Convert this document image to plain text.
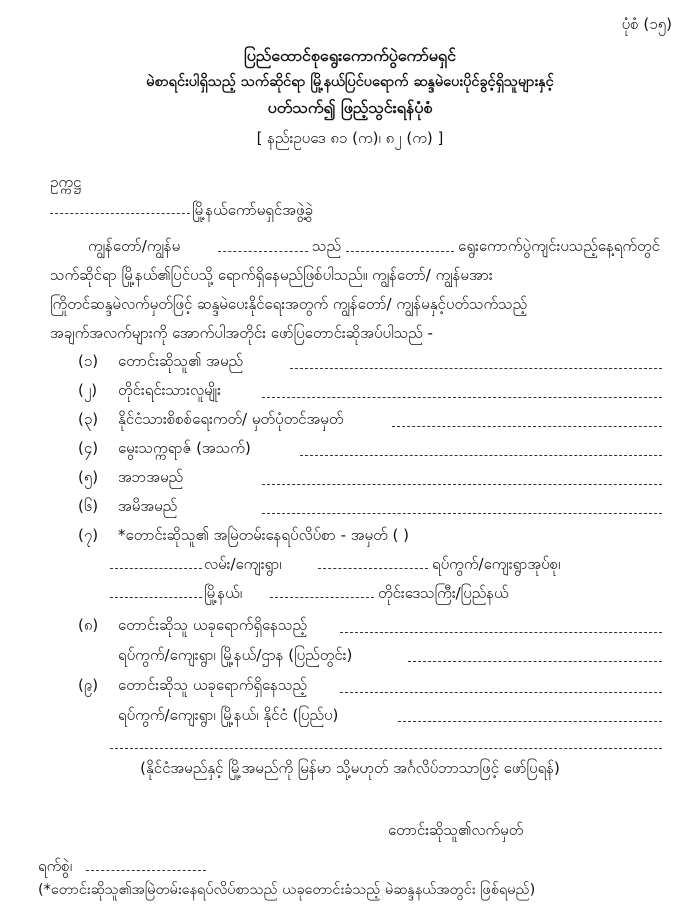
ပုံစံ (၁၅)
ပြည်ထောင်စုရွေးကောက်ပွဲကော်မရှင်
မဲစာရင်းပါရှိသည့် သက်ဆိုင်ရာ မြို့နယ်ပြင်ပရောက် ဆန္ဒမဲပေးပိုင်ခွင့်ရှိသူများနှင့်
ပတ်သက်၍ ဖြည့်သွင်းရန်ပုံစံ
[ နည်းဥပဒေ ၈၁ (က)၊ ၈၂ (က) ]
ဥက္ကဋ္ဌ
မြို့နယ်ကော်မရှင်အဖွဲ့ခွဲ
ကျွန်တော်/ကျွန်မ	သည်	ရွေးကောက်ပွဲကျင်းပသည့်နေ့ရက်တွင်
သက်ဆိုင်ရာ မြို့နယ်၏ပြင်ပသို့ ရောက်ရှိနေမည်ဖြစ်ပါသည်။ ကျွန်တော်/ ကျွန်မအား
ကြိုတင်ဆန္ဒမဲလက်မှတ်ဖြင့် ဆန္ဒမဲပေးနိုင်ရေးအတွက် ကျွန်တော်/ ကျွန်မနှင့်ပတ်သက်သည့်
အချက်အလက်များကို အောက်ပါအတိုင်း ဖော်ပြတောင်းဆိုအပ်ပါသည် -
(၁) တောင်းဆိုသူ၏ အမည်
(၂) တိုင်းရင်းသားလူမျိုး
(၃) နိုင်ငံသားစိစစ်ရေးကတ်/ မှတ်ပုံတင်အမှတ်
(၄) မွေးသက္ကရာဇ် (အသက်)
(၅) အဘအမည်
(၆) အမိအမည်
(၇) *တောင်းဆိုသူ၏ အမြဲတမ်းနေရပ်လိပ်စာ - အမှတ် ( )
လမ်း/ကျေးရွာ၊	ရပ်ကွက်/ကျေးရွာအုပ်စု၊
မြို့နယ်၊	တိုင်းဒေသကြီး/ပြည်နယ်
(၈) တောင်းဆိုသူ ယခုရောက်ရှိနေသည့်
ရပ်ကွက်/ကျေးရွာ၊ မြို့နယ်/ဌာန (ပြည်တွင်း)
(၉) တောင်းဆိုသူ ယခုရောက်ရှိနေသည့်
ရပ်ကွက်/ကျေးရွာ၊ မြို့နယ်၊ နိုင်ငံ (ပြည်ပ)
(နိုင်ငံအမည်နှင့် မြို့အမည်ကို မြန်မာ သို့မဟုတ် အင်္ဂလိပ်ဘာသာဖြင့် ဖော်ပြရန်)
တောင်းဆိုသူ၏လက်မှတ်
ရက်စွဲ၊
(*တောင်းဆိုသူ၏အမြဲတမ်းနေရပ်လိပ်စာသည် ယခုတောင်းခံသည့် မဲဆန္ဒနယ်အတွင်း ဖြစ်ရမည်)
